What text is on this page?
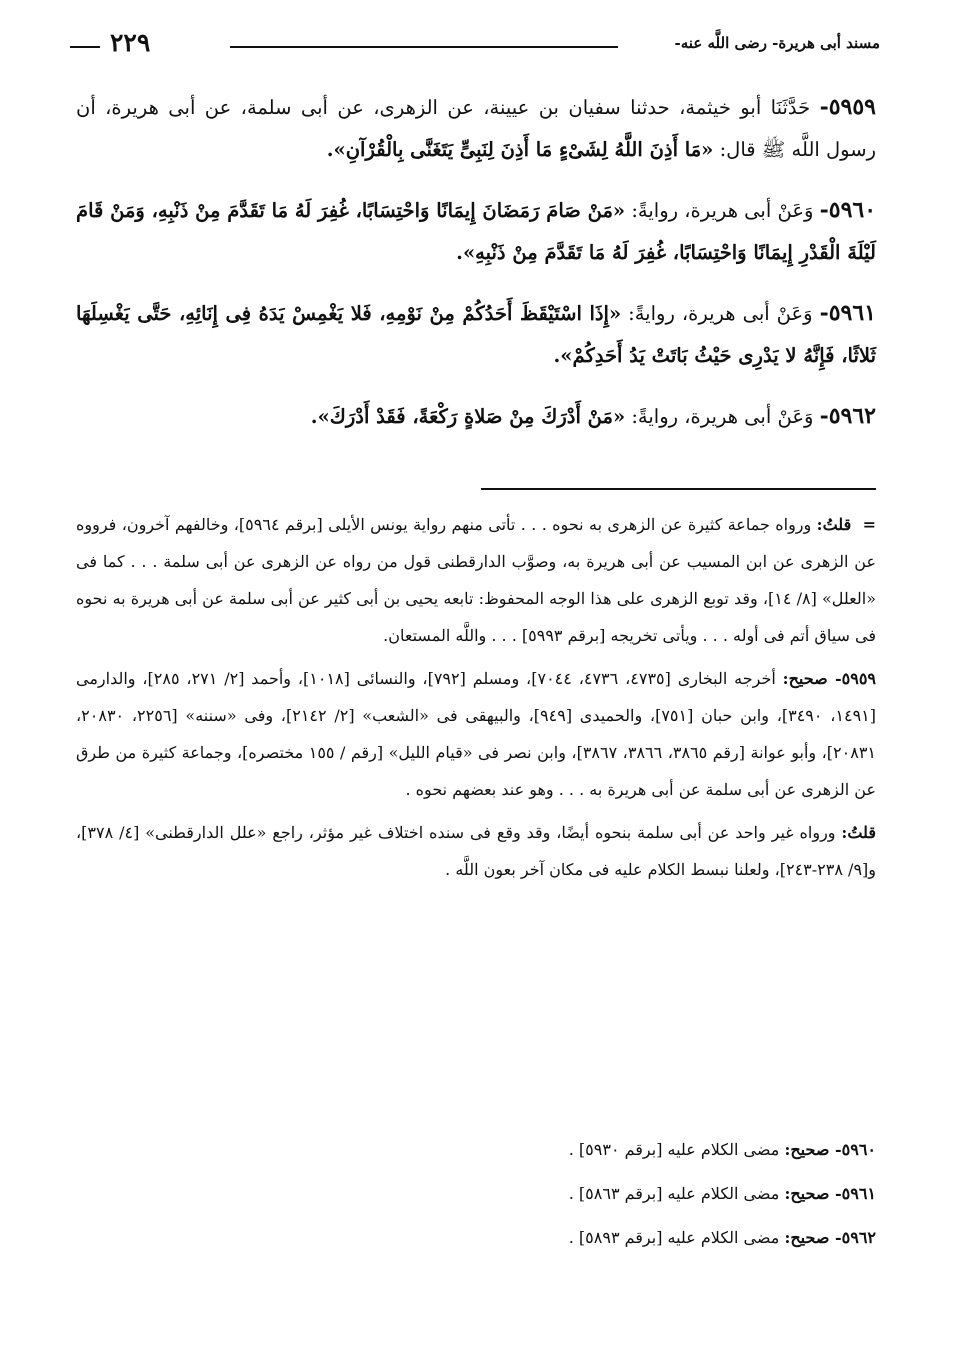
مسند أبى هريرة- رضى اللَّه عنه-
٢٢٩
٥٩٥٩- حَدَّثَنَا أبو خيثمة، حدثنا سفيان بن عيينة، عن الزهرى، عن أبى سلمة، عن أبى هريرة، أن رسول اللَّه ﷺ قال: «مَا أَذِنَ اللَّهُ لِشَىْءٍ مَا أَذِنَ لِنَبِىٍّ يَتَغَنَّى بِالْقُرْآنِ».
٥٩٦٠- وَعَنْ أبى هريرة، روايةً: «مَنْ صَامَ رَمَضَانَ إِيمَانًا وَاحْتِسَابًا، غُفِرَ لَهُ مَا تَقَدَّمَ مِنْ ذَنْبِهِ، وَمَنْ قَامَ لَيْلَةَ الْقَدْرِ إِيمَانًا وَاحْتِسَابًا، غُفِرَ لَهُ مَا تَقَدَّمَ مِنْ ذَنْبِهِ».
٥٩٦١- وَعَنْ أبى هريرة، روايةً: «إِذَا اسْتَيْقَظَ أَحَدُكُمْ مِنْ نَوْمِهِ، فَلا يَغْمِسْ يَدَهُ فِى إِنَائِهِ، حَتَّى يَغْسِلَهَا ثَلاثًا، فَإِنَّهُ لا يَدْرِى حَيْثُ بَاتَتْ يَدُ أَحَدِكُمْ».
٥٩٦٢- وَعَنْ أبى هريرة، روايةً: «مَنْ أَدْرَكَ مِنْ صَلاةٍ رَكْعَةً، فَقَدْ أَدْرَكَ».

= قلتُ: ورواه جماعة كثيرة عن الزهرى به نحوه . . . تأتى منهم رواية يونس الأيلى [برقم ٥٩٦٤]، وخالفهم آخرون، فرووه عن الزهرى عن ابن المسيب عن أبى هريرة به، وصوَّب الدارقطنى قول من رواه عن الزهرى عن أبى سلمة . . . كما فى «العلل» [٨/ ١٤]، وقد توبع الزهرى على هذا الوجه المحفوظ: تابعه يحيى بن أبى كثير عن أبى سلمة عن أبى هريرة به نحوه فى سياق أتم فى أوله . . . ويأتى تخريجه [برقم ٥٩٩٣] . . . واللَّه المستعان.

٥٩٥٩- صحيح: أخرجه البخارى [٤٧٣٥، ٤٧٣٦، ٧٠٤٤]، ومسلم [٧٩٢]، والنسائى [١٠١٨]، وأحمد [٢/ ٢٧١، ٢٨٥]، والدارمى [١٤٩١، ٣٤٩٠]، وابن حبان [٧٥١]، والحميدى [٩٤٩]، والبيهقى فى «الشعب» [٢/ ٢١٤٢]، وفى «سننه» [٢٢٥٦، ٢٠٨٣٠، ٢٠٨٣١]، وأبو عوانة [رقم ٣٨٦٥، ٣٨٦٦، ٣٨٦٧]، وابن نصر فى «قيام الليل» [رقم / ١٥٥ مختصره]، وجماعة كثيرة من طرق عن الزهرى عن أبى سلمة عن أبى هريرة به . . . وهو عند بعضهم نحوه .

قلتُ: ورواه غير واحد عن أبى سلمة بنحوه أيضًا، وقد وقع فى سنده اختلاف غير مؤثر، راجع «علل الدارقطنى» [٤/ ٣٧٨]، و[٩/ ٢٣٨-٢٤٣]، ولعلنا نبسط الكلام عليه فى مكان آخر بعون اللَّه .

٥٩٦٠- صحيح: مضى الكلام عليه [برقم ٥٩٣٠] .
٥٩٦١- صحيح: مضى الكلام عليه [برقم ٥٨٦٣] .
٥٩٦٢- صحيح: مضى الكلام عليه [برقم ٥٨٩٣] .
